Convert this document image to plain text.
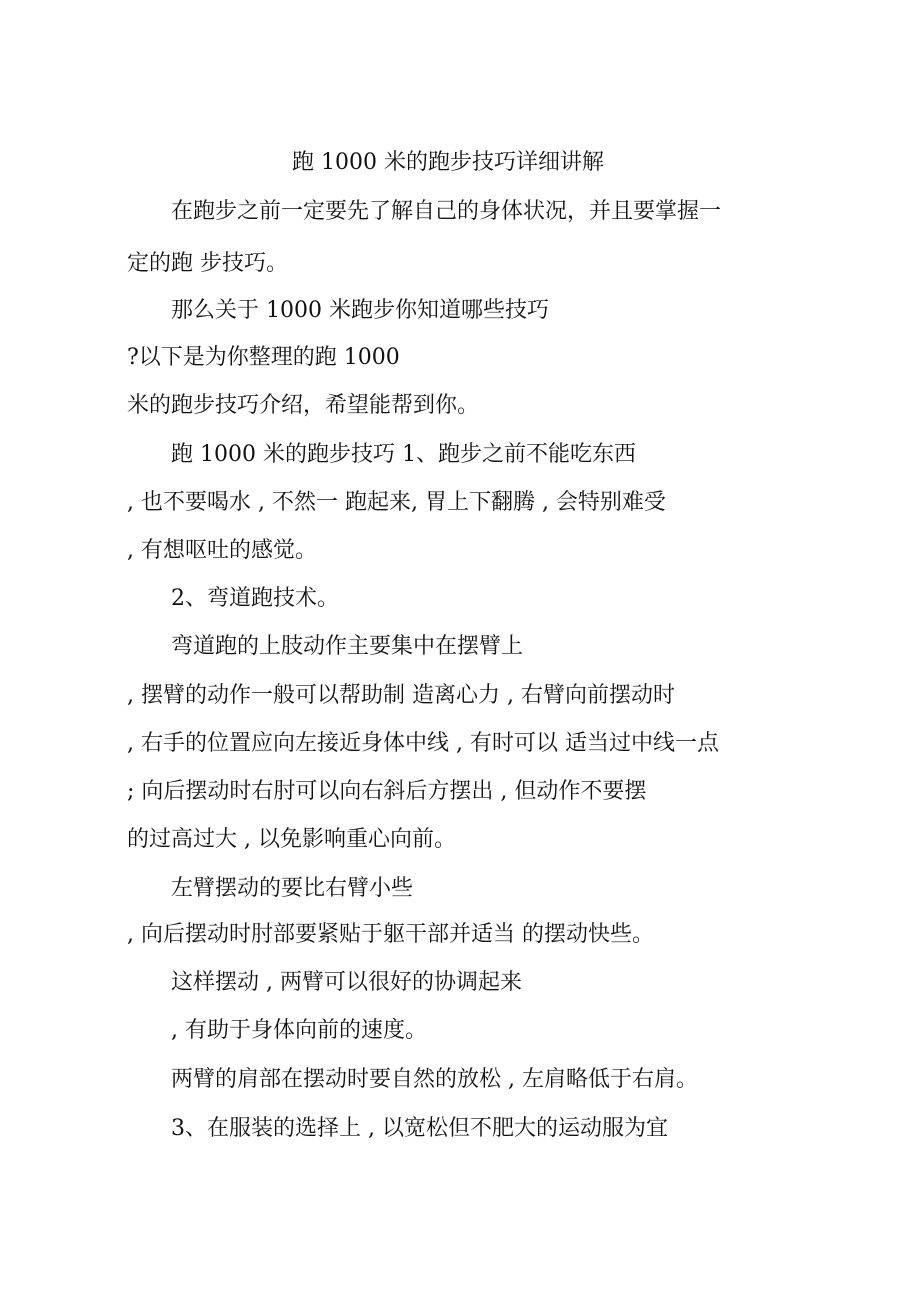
跑 1000 米的跑步技巧详细讲解
在跑步之前一定要先了解自己的身体状况，并且要掌握一
定的跑 步技巧。
那么关于 1000 米跑步你知道哪些技巧
?以下是为你整理的跑 1000
米的跑步技巧介绍，希望能帮到你。
跑 1000 米的跑步技巧 1、跑步之前不能吃东西
, 也不要喝水 , 不然一 跑起来, 胃上下翻腾 , 会特别难受
, 有想呕吐的感觉。
2、弯道跑技术。
弯道跑的上肢动作主要集中在摆臂上
, 摆臂的动作一般可以帮助制 造离心力 , 右臂向前摆动时
, 右手的位置应向左接近身体中线 , 有时可以 适当过中线一点
; 向后摆动时右肘可以向右斜后方摆出 , 但动作不要摆
的过高过大 , 以免影响重心向前。
左臂摆动的要比右臂小些
, 向后摆动时肘部要紧贴于躯干部并适当 的摆动快些。
这样摆动 , 两臂可以很好的协调起来
, 有助于身体向前的速度。
两臂的肩部在摆动时要自然的放松 , 左肩略低于右肩。
3、在服装的选择上 , 以宽松但不肥大的运动服为宜
